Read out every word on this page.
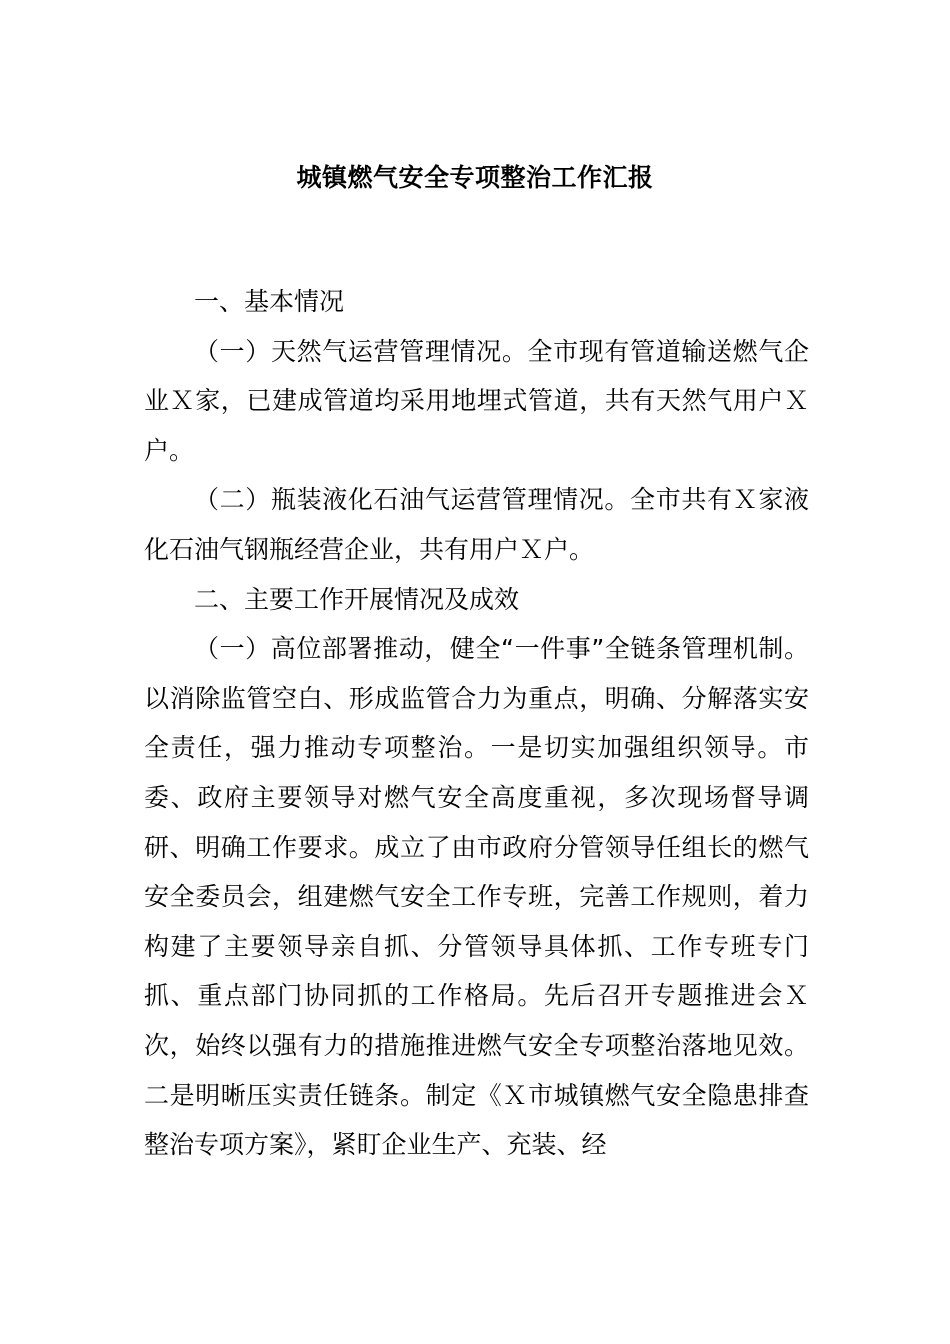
城镇燃气安全专项整治工作汇报

一、基本情况

（一）天然气运营管理情况。全市现有管道输送燃气企业Ｘ家，已建成管道均采用地埋式管道，共有天然气用户Ｘ户。

（二）瓶装液化石油气运营管理情况。全市共有Ｘ家液化石油气钢瓶经营企业，共有用户Ｘ户。

二、主要工作开展情况及成效

（一）高位部署推动，健全“一件事”全链条管理机制。以消除监管空白、形成监管合力为重点，明确、分解落实安全责任，强力推动专项整治。一是切实加强组织领导。市委、政府主要领导对燃气安全高度重视，多次现场督导调研、明确工作要求。成立了由市政府分管领导任组长的燃气安全委员会，组建燃气安全工作专班，完善工作规则，着力构建了主要领导亲自抓、分管领导具体抓、工作专班专门抓、重点部门协同抓的工作格局。先后召开专题推进会Ｘ次，始终以强有力的措施推进燃气安全专项整治落地见效。二是明晰压实责任链条。制定《Ｘ市城镇燃气安全隐患排查整治专项方案》，紧盯企业生产、充装、经
